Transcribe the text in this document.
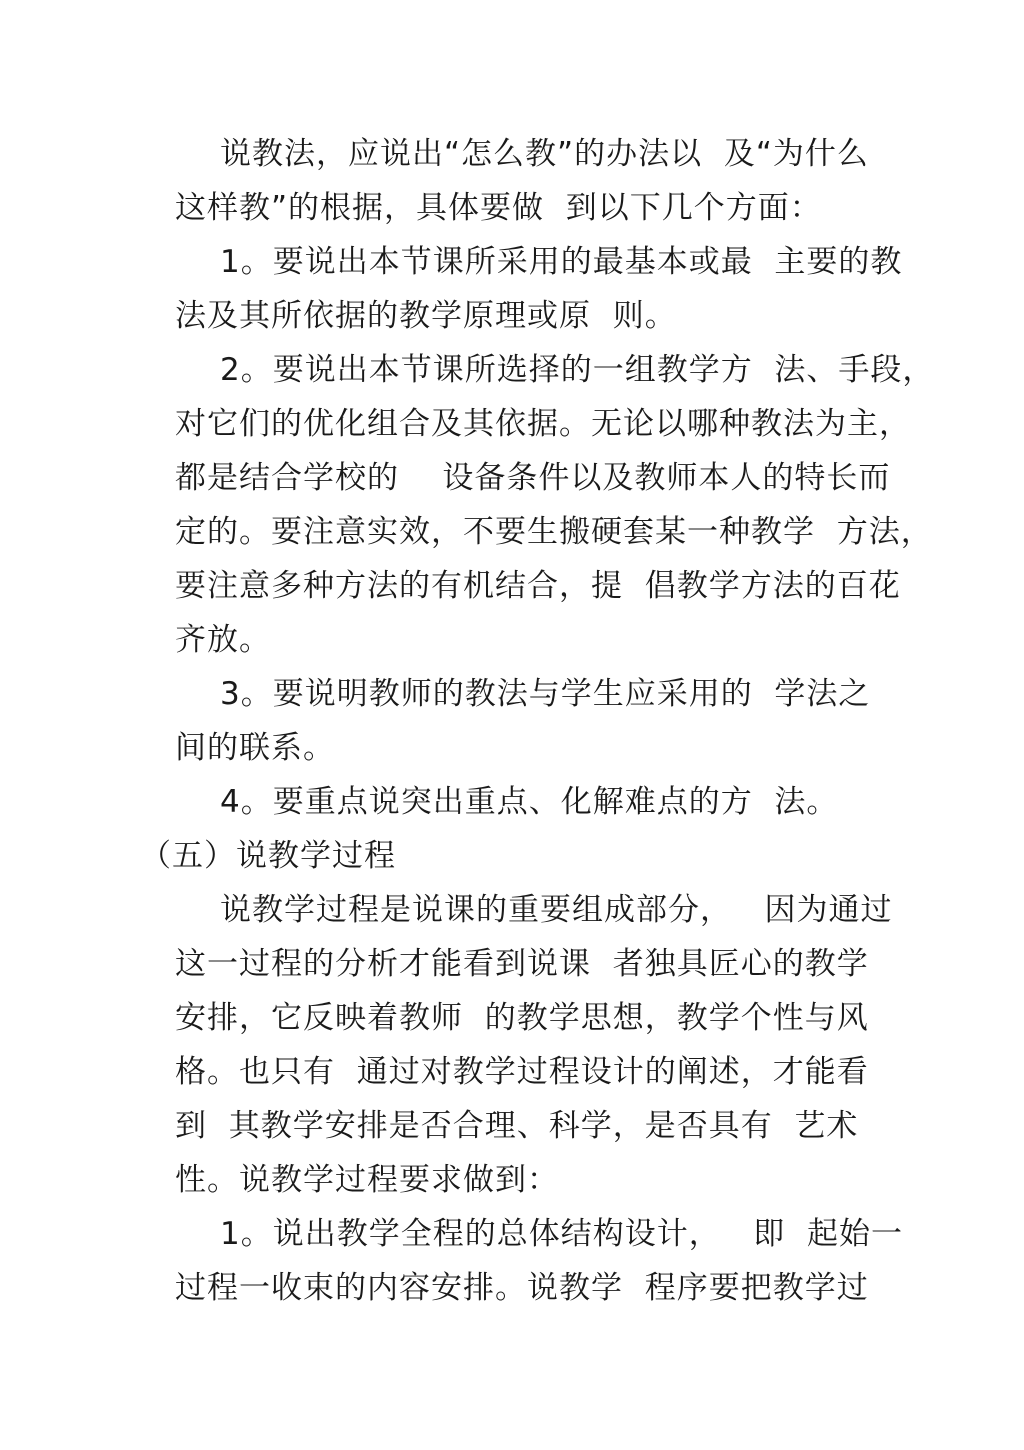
说教法，应说出“怎么教”的办法以  及“为什么
这样教”的根据，具体要做  到以下几个方面：
1。要说出本节课所采用的最基本或最  主要的教
法及其所依据的教学原理或原  则。
2。要说出本节课所选择的一组教学方  法、手段，
对它们的优化组合及其依据。无论以哪种教法为主，
都是结合学校的    设备条件以及教师本人的特长而
定的。要注意实效，不要生搬硬套某一种教学  方法，
要注意多种方法的有机结合，提  倡教学方法的百花
齐放。
3。要说明教师的教法与学生应采用的  学法之
间的联系。
4。要重点说突出重点、化解难点的方  法。
（五）说教学过程
说教学过程是说课的重要组成部分，   因为通过
这一过程的分析才能看到说课  者独具匠心的教学
安排，它反映着教师  的教学思想，教学个性与风
格。也只有  通过对教学过程设计的阐述，才能看
到  其教学安排是否合理、科学，是否具有  艺术
性。说教学过程要求做到：
1。说出教学全程的总体结构设计，   即  起始一
过程一收束的内容安排。说教学  程序要把教学过
